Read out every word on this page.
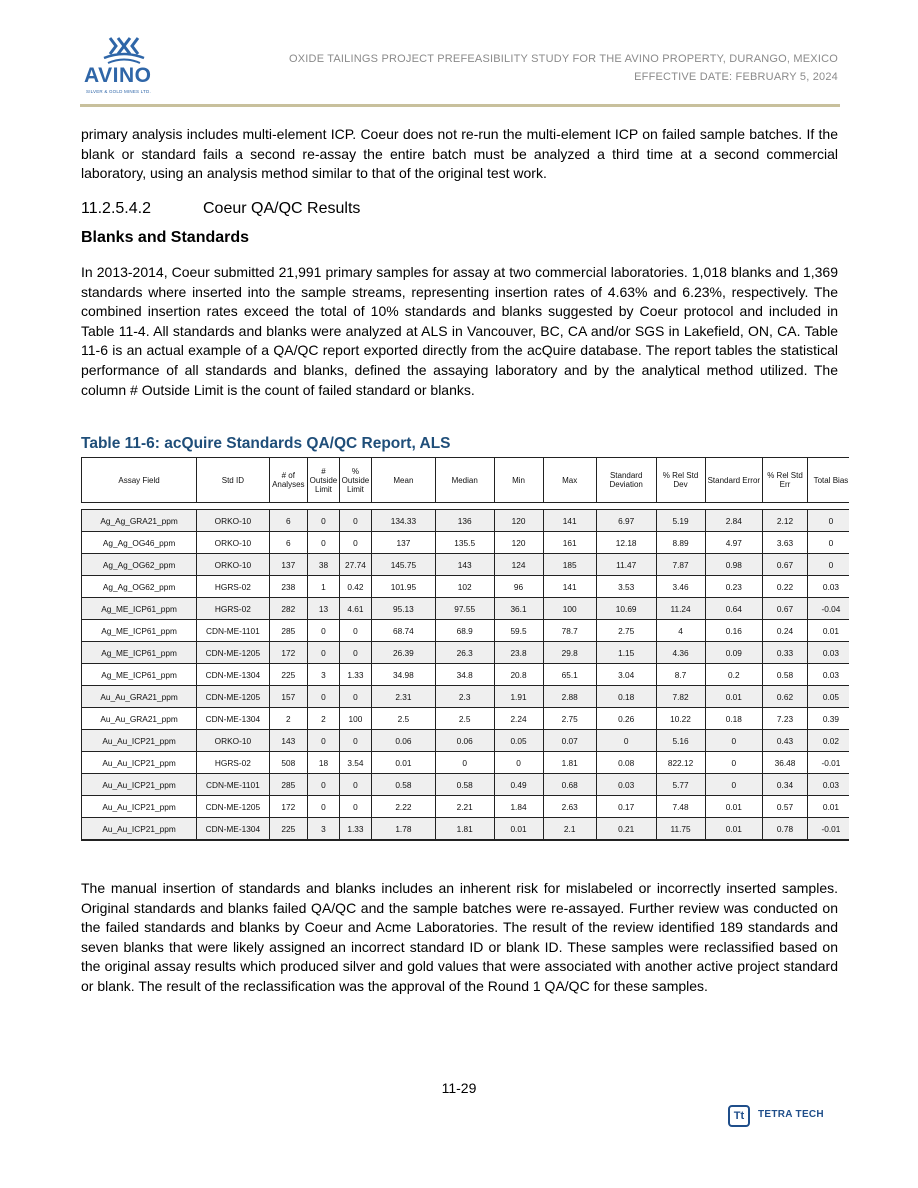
AVINO
SILVER & GOLD MINES LTD.
OXIDE TAILINGS PROJECT PREFEASIBILITY STUDY FOR THE AVINO PROPERTY, DURANGO, MEXICO
EFFECTIVE DATE: FEBRUARY 5, 2024
primary analysis includes multi-element ICP. Coeur does not re-run the multi-element ICP on failed sample batches. If the blank or standard fails a second re-assay the entire batch must be analyzed a third time at a second commercial laboratory, using an analysis method similar to that of the original test work.
11.2.5.4.2	Coeur QA/QC Results
Blanks and Standards
In 2013-2014, Coeur submitted 21,991 primary samples for assay at two commercial laboratories. 1,018 blanks and 1,369 standards where inserted into the sample streams, representing insertion rates of 4.63% and 6.23%, respectively. The combined insertion rates exceed the total of 10% standards and blanks suggested by Coeur protocol and included in Table 11-4. All standards and blanks were analyzed at ALS in Vancouver, BC, CA and/or SGS in Lakefield, ON, CA. Table 11-6 is an actual example of a QA/QC report exported directly from the acQuire database. The report tables the statistical performance of all standards and blanks, defined the assaying laboratory and by the analytical method utilized. The column # Outside Limit is the count of failed standard or blanks.
Table 11-6: acQuire Standards QA/QC Report, ALS
Assay Field	Std ID	# of Analyses	# Outside Limit	% Outside Limit	Mean	Median	Min	Max	Standard Deviation	% Rel Std Dev	Standard Error	% Rel Std Err	Total Bias

Ag_Ag_GRA21_ppm	ORKO-10	6	0	0	134.33	136	120	141	6.97	5.19	2.84	2.12	0
Ag_Ag_OG46_ppm	ORKO-10	6	0	0	137	135.5	120	161	12.18	8.89	4.97	3.63	0
Ag_Ag_OG62_ppm	ORKO-10	137	38	27.74	145.75	143	124	185	11.47	7.87	0.98	0.67	0
Ag_Ag_OG62_ppm	HGRS-02	238	1	0.42	101.95	102	96	141	3.53	3.46	0.23	0.22	0.03
Ag_ME_ICP61_ppm	HGRS-02	282	13	4.61	95.13	97.55	36.1	100	10.69	11.24	0.64	0.67	-0.04
Ag_ME_ICP61_ppm	CDN-ME-1101	285	0	0	68.74	68.9	59.5	78.7	2.75	4	0.16	0.24	0.01
Ag_ME_ICP61_ppm	CDN-ME-1205	172	0	0	26.39	26.3	23.8	29.8	1.15	4.36	0.09	0.33	0.03
Ag_ME_ICP61_ppm	CDN-ME-1304	225	3	1.33	34.98	34.8	20.8	65.1	3.04	8.7	0.2	0.58	0.03
Au_Au_GRA21_ppm	CDN-ME-1205	157	0	0	2.31	2.3	1.91	2.88	0.18	7.82	0.01	0.62	0.05
Au_Au_GRA21_ppm	CDN-ME-1304	2	2	100	2.5	2.5	2.24	2.75	0.26	10.22	0.18	7.23	0.39
Au_Au_ICP21_ppm	ORKO-10	143	0	0	0.06	0.06	0.05	0.07	0	5.16	0	0.43	0.02
Au_Au_ICP21_ppm	HGRS-02	508	18	3.54	0.01	0	0	1.81	0.08	822.12	0	36.48	-0.01
Au_Au_ICP21_ppm	CDN-ME-1101	285	0	0	0.58	0.58	0.49	0.68	0.03	5.77	0	0.34	0.03
Au_Au_ICP21_ppm	CDN-ME-1205	172	0	0	2.22	2.21	1.84	2.63	0.17	7.48	0.01	0.57	0.01
Au_Au_ICP21_ppm	CDN-ME-1304	225	3	1.33	1.78	1.81	0.01	2.1	0.21	11.75	0.01	0.78	-0.01
The manual insertion of standards and blanks includes an inherent risk for mislabeled or incorrectly inserted samples. Original standards and blanks failed QA/QC and the sample batches were re-assayed. Further review was conducted on the failed standards and blanks by Coeur and Acme Laboratories. The result of the review identified 189 standards and seven blanks that were likely assigned an incorrect standard ID or blank ID. These samples were reclassified based on the original assay results which produced silver and gold values that were associated with another active project standard or blank. The result of the reclassification was the approval of the Round 1 QA/QC for these samples.
11-29
Tt	TETRA TECH
